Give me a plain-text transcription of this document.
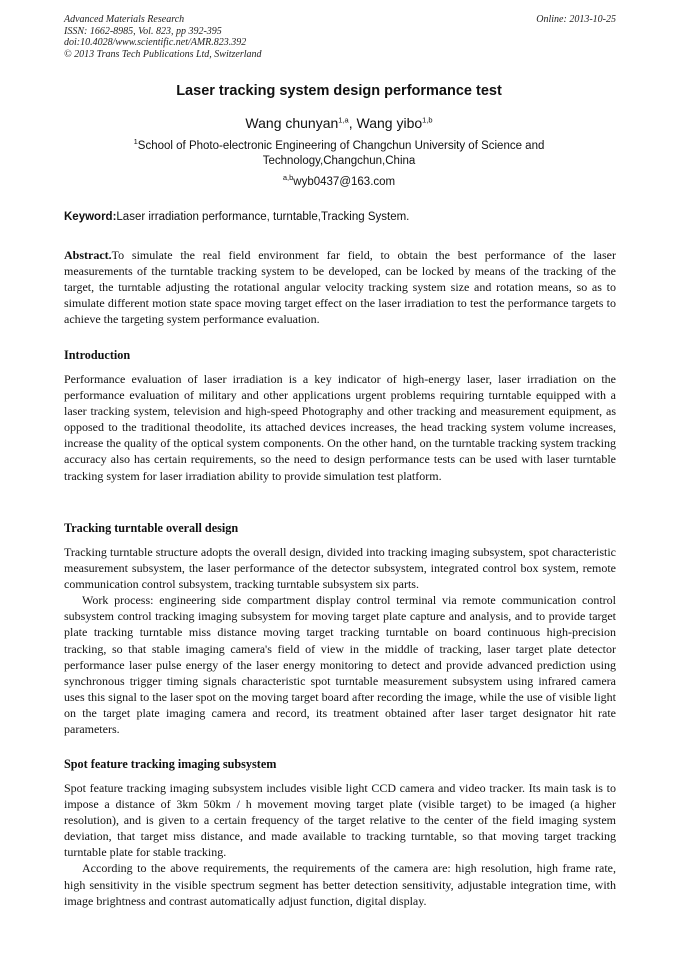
Advanced Materials Research	Online: 2013-10-25
ISSN: 1662-8985, Vol. 823, pp 392-395
doi:10.4028/www.scientific.net/AMR.823.392
© 2013 Trans Tech Publications Ltd, Switzerland
Laser tracking system design performance test
Wang chunyan$^{1,a}$, Wang yibo$^{1,b}$
$^1$School of Photo-electronic Engineering of Changchun University of Science and Technology,Changchun,China
$^{a,b}$wyb0437@163.com
Keyword:Laser irradiation performance, turntable,Tracking System.

Abstract.To simulate the real field environment far field, to obtain the best performance of the laser measurements of the turntable tracking system to be developed, can be locked by means of the tracking of the target, the turntable adjusting the rotational angular velocity tracking system size and rotation means, so as to simulate different motion state space moving target effect on the laser irradiation to test the performance targets to achieve the targeting system performance evaluation.

Introduction

Performance evaluation of laser irradiation is a key indicator of high-energy laser, laser irradiation on the performance evaluation of military and other applications urgent problems requiring turntable equipped with a laser tracking system, television and high-speed Photography and other tracking and measurement equipment, as opposed to the traditional theodolite, its attached devices increases, the head tracking system volume increases, increase the quality of the optical system components. On the other hand, on the turntable tracking system tracking accuracy also has certain requirements, so the need to design performance tests can be used with laser turntable tracking system for laser irradiation ability to provide simulation test platform.

Tracking turntable overall design

Tracking turntable structure adopts the overall design, divided into tracking imaging subsystem, spot characteristic measurement subsystem, the laser performance of the detector subsystem, integrated control box system, remote communication control subsystem, tracking turntable subsystem six parts.

Work process: engineering side compartment display control terminal via remote communication control subsystem control tracking imaging subsystem for moving target plate capture and analysis, and to provide target plate tracking turntable miss distance moving target tracking turntable on board continuous high-precision tracking, so that stable imaging camera's field of view in the middle of tracking, laser target plate detector performance laser pulse energy of the laser energy monitoring to detect and provide advanced prediction using synchronous trigger timing signals characteristic spot turntable measurement subsystem using infrared camera uses this signal to the laser spot on the moving target board after recording the image, while the use of visible light on the target plate imaging camera and record, its treatment obtained after laser target designator hit rate parameters.

Spot feature tracking imaging subsystem

Spot feature tracking imaging subsystem includes visible light CCD camera and video tracker. Its main task is to impose a distance of 3km 50km / h movement moving target plate (visible target) to be imaged (a higher resolution), and is given to a certain frequency of the target relative to the center of the field imaging system deviation, that target miss distance, and made available to tracking turntable, so that moving target tracking turntable plate for stable tracking.

According to the above requirements, the requirements of the camera are: high resolution, high frame rate, high sensitivity in the visible spectrum segment has better detection sensitivity, adjustable integration time, with image brightness and contrast automatically adjust function, digital display.
